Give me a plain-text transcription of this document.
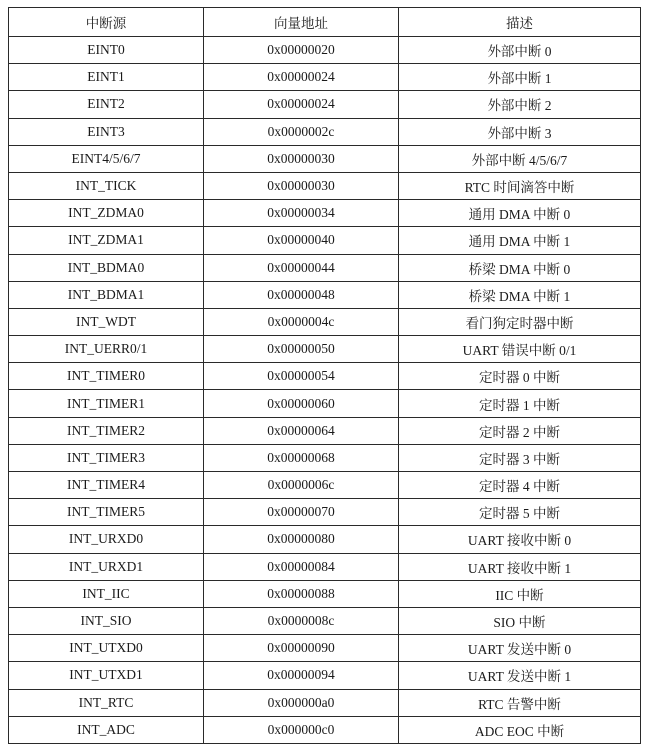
中断源	向量地址	描述
EINT0	0x00000020	外部中断 0
EINT1	0x00000024	外部中断 1
EINT2	0x00000024	外部中断 2
EINT3	0x0000002c	外部中断 3
EINT4/5/6/7	0x00000030	外部中断 4/5/6/7
INT_TICK	0x00000030	RTC 时间滴答中断
INT_ZDMA0	0x00000034	通用 DMA 中断 0
INT_ZDMA1	0x00000040	通用 DMA 中断 1
INT_BDMA0	0x00000044	桥梁 DMA 中断 0
INT_BDMA1	0x00000048	桥梁 DMA 中断 1
INT_WDT	0x0000004c	看门狗定时器中断
INT_UERR0/1	0x00000050	UART 错误中断 0/1
INT_TIMER0	0x00000054	定时器 0 中断
INT_TIMER1	0x00000060	定时器 1 中断
INT_TIMER2	0x00000064	定时器 2 中断
INT_TIMER3	0x00000068	定时器 3 中断
INT_TIMER4	0x0000006c	定时器 4 中断
INT_TIMER5	0x00000070	定时器 5 中断
INT_URXD0	0x00000080	UART 接收中断 0
INT_URXD1	0x00000084	UART 接收中断 1
INT_IIC	0x00000088	IIC 中断
INT_SIO	0x0000008c	SIO 中断
INT_UTXD0	0x00000090	UART 发送中断 0
INT_UTXD1	0x00000094	UART 发送中断 1
INT_RTC	0x000000a0	RTC 告警中断
INT_ADC	0x000000c0	ADC EOC 中断
